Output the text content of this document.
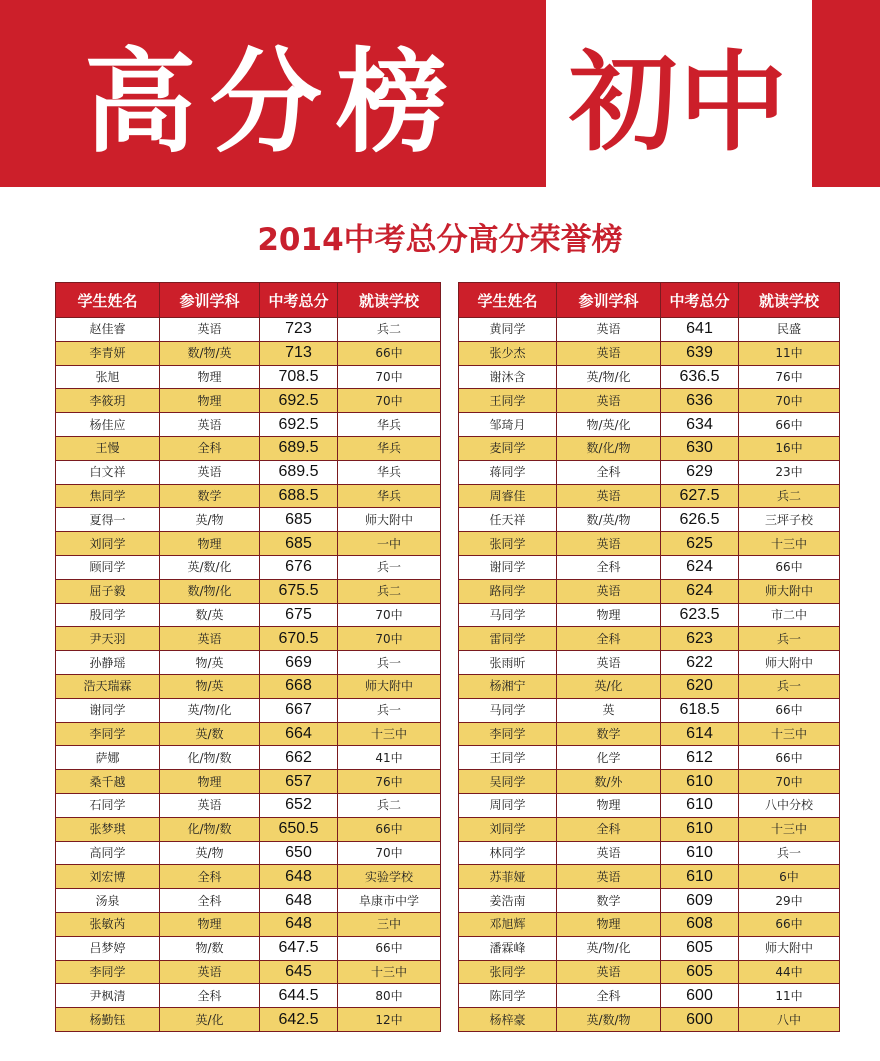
高分榜 初中
2014中考总分高分荣誉榜
学生姓名	参训学科	中考总分	就读学校
赵佳睿	英语	723	兵二
李青妍	数/物/英	713	66中
张旭	物理	708.5	70中
李筱玥	物理	692.5	70中
杨佳应	英语	692.5	华兵
王慢	全科	689.5	华兵
白文祥	英语	689.5	华兵
焦同学	数学	688.5	华兵
夏得一	英/物	685	师大附中
刘同学	物理	685	一中
顾同学	英/数/化	676	兵一
屈子毅	数/物/化	675.5	兵二
殷同学	数/英	675	70中
尹天羽	英语	670.5	70中
孙静瑶	物/英	669	兵一
浩天瑞霖	物/英	668	师大附中
谢同学	英/物/化	667	兵一
李同学	英/数	664	十三中
萨娜	化/物/数	662	41中
桑千越	物理	657	76中
石同学	英语	652	兵二
张梦琪	化/物/数	650.5	66中
高同学	英/物	650	70中
刘宏博	全科	648	实验学校
汤泉	全科	648	阜康市中学
张敏芮	物理	648	三中
吕梦婷	物/数	647.5	66中
李同学	英语	645	十三中
尹枫清	全科	644.5	80中
杨勤钰	英/化	642.5	12中
学生姓名	参训学科	中考总分	就读学校
黄同学	英语	641	民盛
张少杰	英语	639	11中
谢沐含	英/物/化	636.5	76中
王同学	英语	636	70中
邹琦月	物/英/化	634	66中
麦同学	数/化/物	630	16中
蒋同学	全科	629	23中
周睿佳	英语	627.5	兵二
任天祥	数/英/物	626.5	三坪子校
张同学	英语	625	十三中
谢同学	全科	624	66中
路同学	英语	624	师大附中
马同学	物理	623.5	市二中
雷同学	全科	623	兵一
张雨昕	英语	622	师大附中
杨湘宁	英/化	620	兵一
马同学	英	618.5	66中
李同学	数学	614	十三中
王同学	化学	612	66中
吴同学	数/外	610	70中
周同学	物理	610	八中分校
刘同学	全科	610	十三中
林同学	英语	610	兵一
苏菲娅	英语	610	6中
姜浩南	数学	609	29中
邓旭辉	物理	608	66中
潘霖峰	英/物/化	605	师大附中
张同学	英语	605	44中
陈同学	全科	600	11中
杨梓豪	英/数/物	600	八中
